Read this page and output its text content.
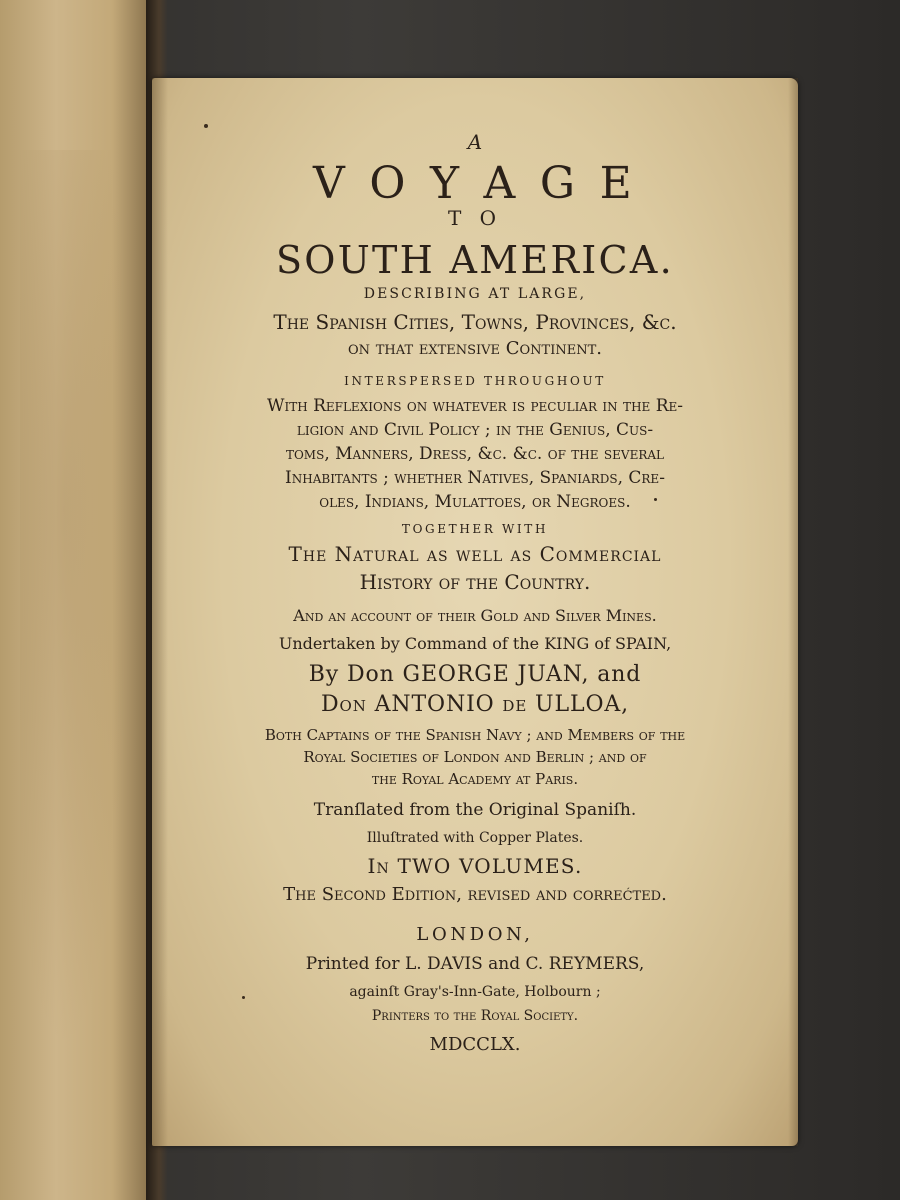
A
V O Y A G E
T O
SOUTH AMERICA.
DESCRIBING AT LARGE,
The Spanish Cities, Towns, Provinces, &c.
on that extenſive Continent.
INTERSPERSED THROUGHOUT
With Reflexions on whatever is peculiar in the Re-
ligion and Civil Policy ; in the Genius, Cus-
toms, Manners, Dress, &c. &c. of the ſeveral
Inhabitants ; whether Natives, Spaniards, Cre-
oles, Indians, Mulattoes, or Negroes.
TOGETHER WITH
The Natural as well as Commercial
History of the Country.
And an account of their Gold and Silver Mines.
Undertaken by Command of the KING of SPAIN,
By Don GEORGE JUAN, and
Don ANTONIO de ULLOA,
Both Captains of the Spanish Navy ; and Members of the
Royal Societies of London and Berlin ; and of
the Royal Academy at Paris.
Tranſlated from the Original Spaniſh.
Illuſtrated with Copper Plates.
In TWO VOLUMES.
The Second Edition, reviſed and correćted.
LONDON,
Printed for L. DAVIS and C. REYMERS,
againſt Gray's-Inn-Gate, Holbourn ;
Printers to the Royal Society.
MDCCLX.
